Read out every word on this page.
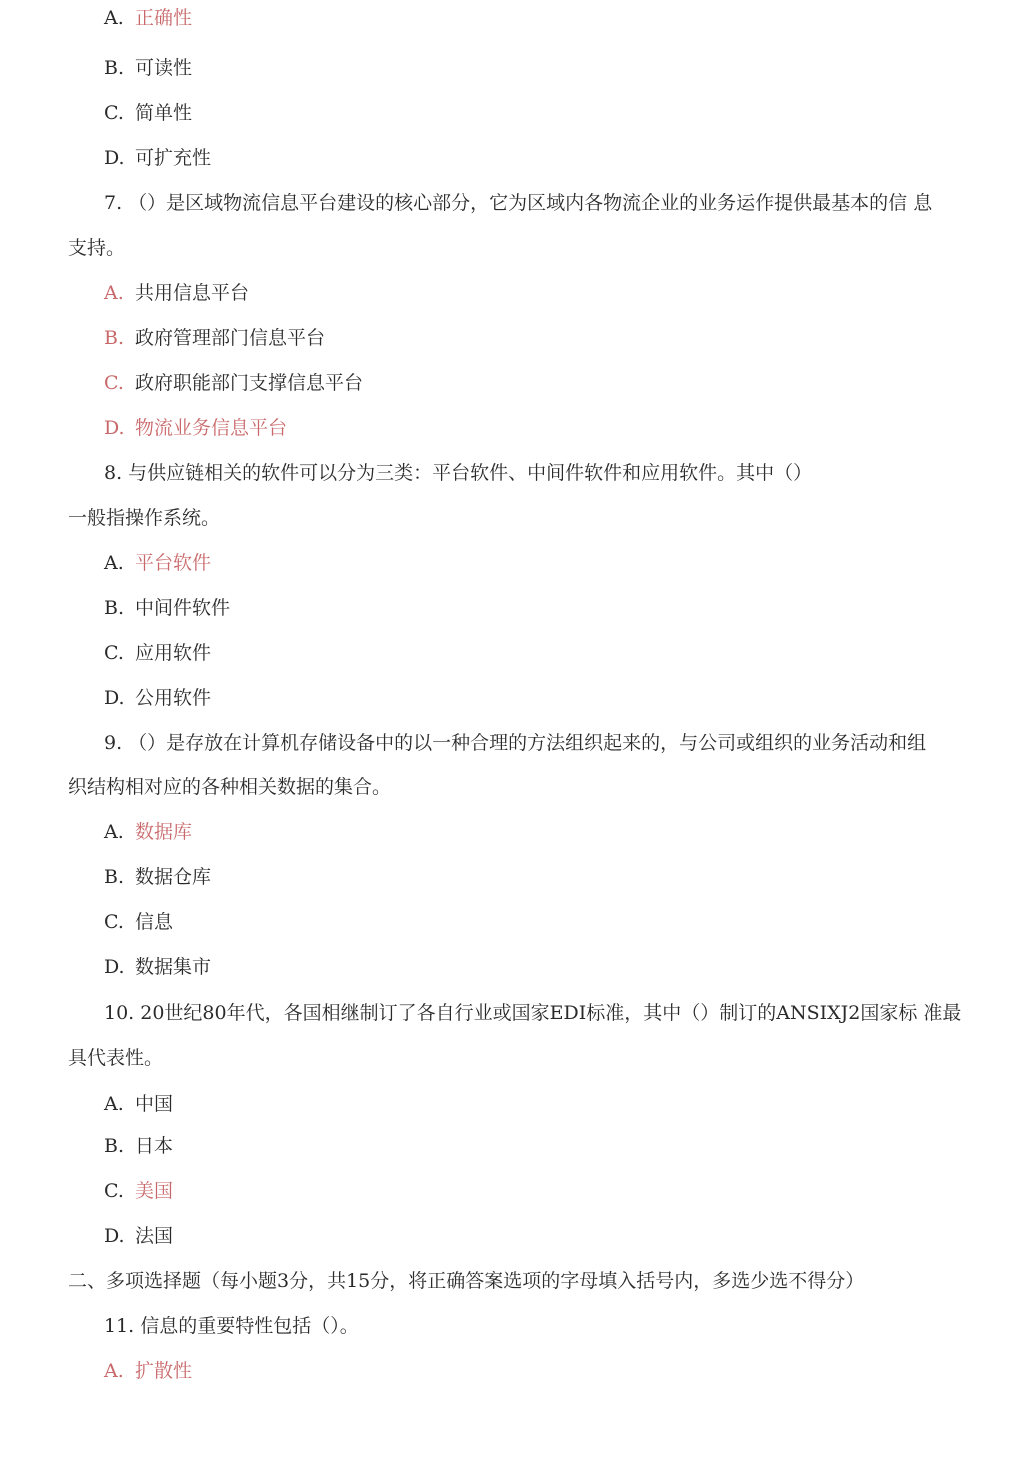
A. 正确性
B. 可读性
C. 简单性
D. 可扩充性
7. （）是区域物流信息平台建设的核心部分，它为区域内各物流企业的业务运作提供最基本的信 息
支持。
A. 共用信息平台
B. 政府管理部门信息平台
C. 政府职能部门支撑信息平台
D. 物流业务信息平台
8. 与供应链相关的软件可以分为三类：平台软件、中间件软件和应用软件。其中（）
一般指操作系统。
A. 平台软件
B. 中间件软件
C. 应用软件
D. 公用软件
9. （）是存放在计算机存储设备中的以一种合理的方法组织起来的，与公司或组织的业务活动和组
织结构相对应的各种相关数据的集合。
A. 数据库
B. 数据仓库
C. 信息
D. 数据集市
10. 20世纪80年代，各国相继制订了各自行业或国家EDI标准，其中（）制订的ANSIXJ2国家标 准最
具代表性。
A. 中国
B. 日本
C. 美国
D. 法国
二、多项选择题（每小题3分，共15分，将正确答案选项的字母填入括号内，多选少选不得分）
11. 信息的重要特性包括（）。
A. 扩散性
